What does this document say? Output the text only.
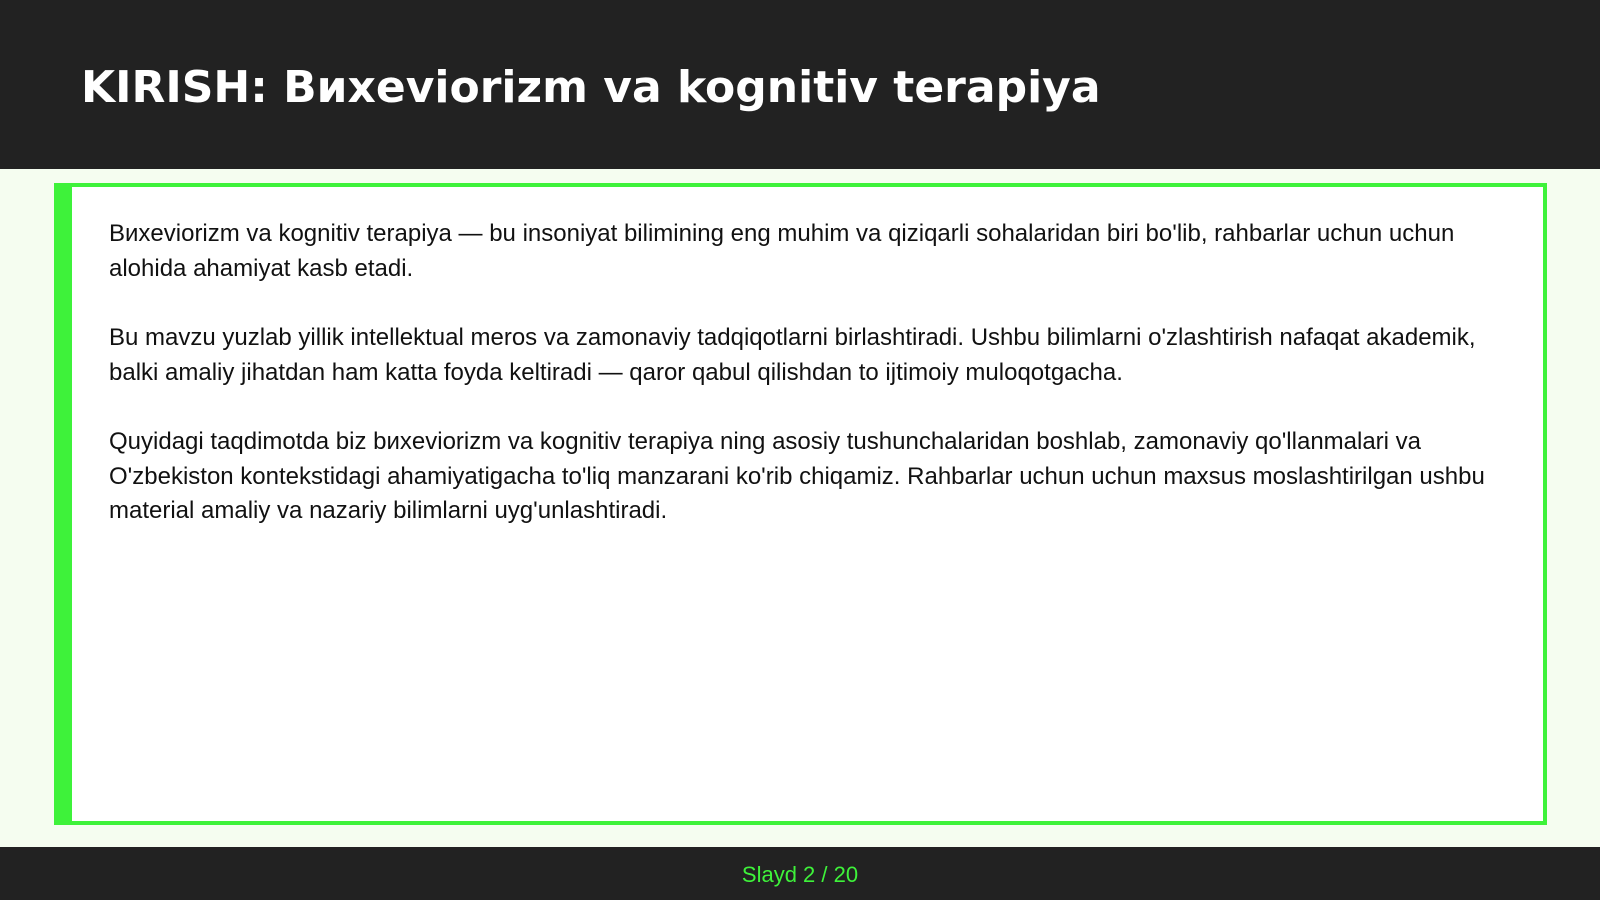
KIRISH: Bиxeviorizm va kognitiv terapiya

Bиxeviorizm va kognitiv terapiya — bu insoniyat bilimining eng muhim va qiziqarli sohalaridan biri bo'lib, rahbarlar uchun uchun alohida ahamiyat kasb etadi.

Bu mavzu yuzlab yillik intellektual meros va zamonaviy tadqiqotlarni birlashtiradi. Ushbu bilimlarni o'zlashtirish nafaqat akademik, balki amaliy jihatdan ham katta foyda keltiradi — qaror qabul qilishdan to ijtimoiy muloqotgacha.

Quyidagi taqdimotda biz bиxeviorizm va kognitiv terapiya ning asosiy tushunchalaridan boshlab, zamonaviy qo'llanmalari va O'zbekiston kontekstidagi ahamiyatigacha to'liq manzarani ko'rib chiqamiz. Rahbarlar uchun uchun maxsus moslashtirilgan ushbu material amaliy va nazariy bilimlarni uyg'unlashtiradi.

Slayd 2 / 20
